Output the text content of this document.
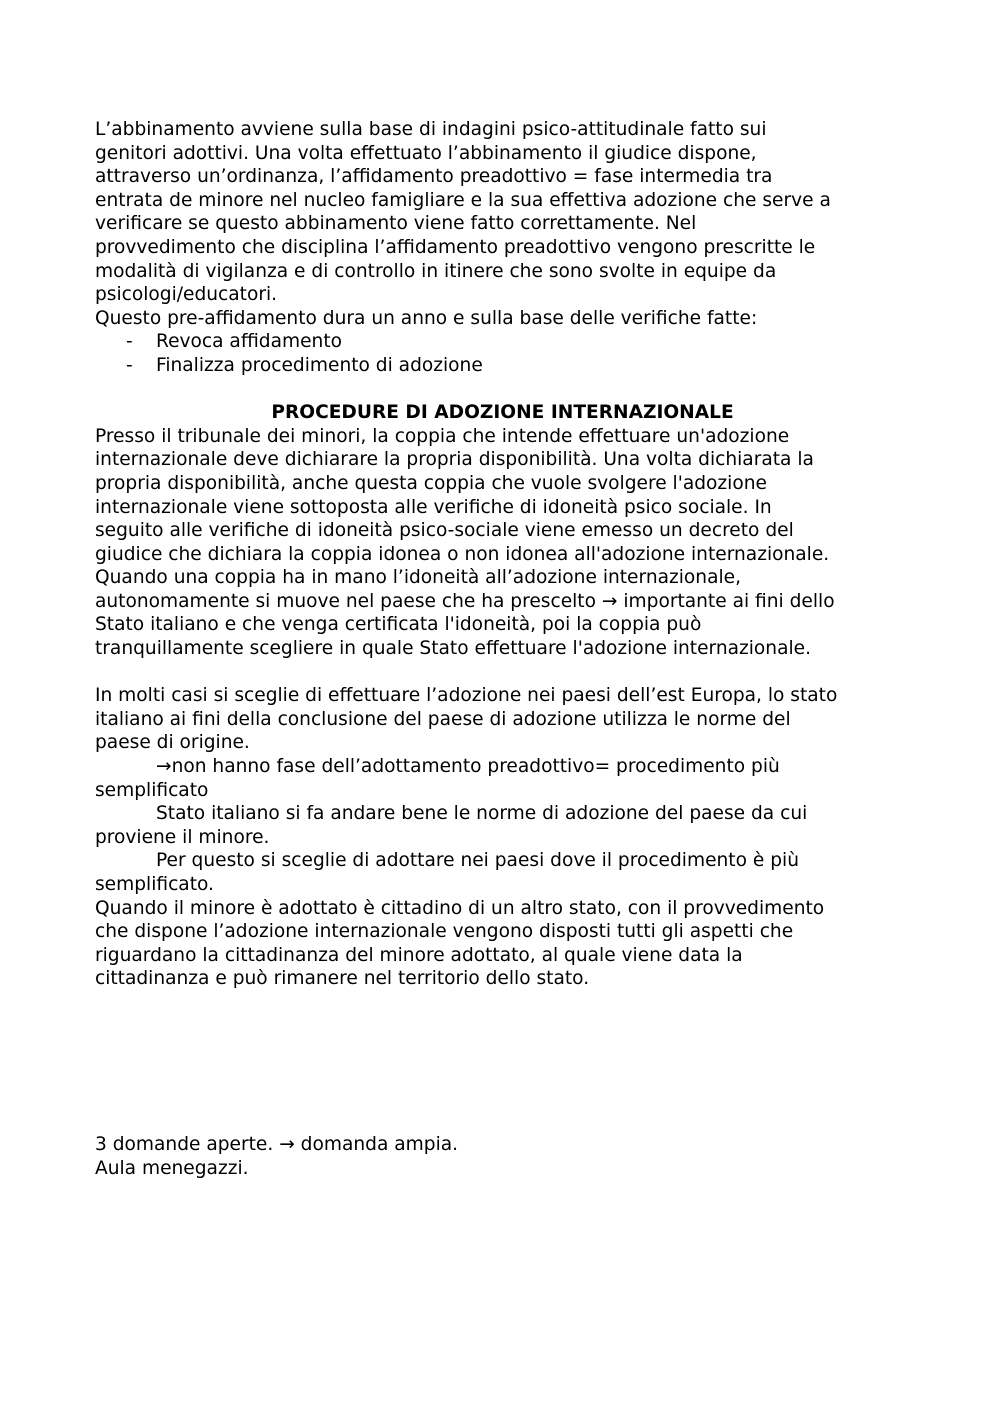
L’abbinamento avviene sulla base di indagini psico-attitudinale fatto sui

genitori adottivi. Una volta effettuato l’abbinamento il giudice dispone,

attraverso un’ordinanza, l’affidamento preadottivo = fase intermedia tra

entrata de minore nel nucleo famigliare e la sua effettiva adozione che serve a

verificare se questo abbinamento viene fatto correttamente. Nel

provvedimento che disciplina l’affidamento preadottivo vengono prescritte le

modalità di vigilanza e di controllo in itinere che sono svolte in equipe da

psicologi/educatori.

Questo pre-affidamento dura un anno e sulla base delle verifiche fatte:

- Revoca affidamento
- Finalizza procedimento di adozione

PROCEDURE DI ADOZIONE INTERNAZIONALE

Presso il tribunale dei minori, la coppia che intende effettuare un'adozione

internazionale deve dichiarare la propria disponibilità. Una volta dichiarata la

propria disponibilità, anche questa coppia che vuole svolgere l'adozione

internazionale viene sottoposta alle verifiche di idoneità psico sociale. In

seguito alle verifiche di idoneità psico-sociale viene emesso un decreto del

giudice che dichiara la coppia idonea o non idonea all'adozione internazionale.

Quando una coppia ha in mano l’idoneità all’adozione internazionale,

autonomamente si muove nel paese che ha prescelto → importante ai fini dello

Stato italiano e che venga certificata l'idoneità, poi la coppia può

tranquillamente scegliere in quale Stato effettuare l'adozione internazionale.

In molti casi si sceglie di effettuare l’adozione nei paesi dell’est Europa, lo stato

italiano ai fini della conclusione del paese di adozione utilizza le norme del

paese di origine.

→non hanno fase dell’adottamento preadottivo= procedimento più

semplificato

Stato italiano si fa andare bene le norme di adozione del paese da cui

proviene il minore.

Per questo si sceglie di adottare nei paesi dove il procedimento è più

semplificato.

Quando il minore è adottato è cittadino di un altro stato, con il provvedimento

che dispone l’adozione internazionale vengono disposti tutti gli aspetti che

riguardano la cittadinanza del minore adottato, al quale viene data la

cittadinanza e può rimanere nel territorio dello stato.

3 domande aperte. → domanda ampia.

Aula menegazzi.
